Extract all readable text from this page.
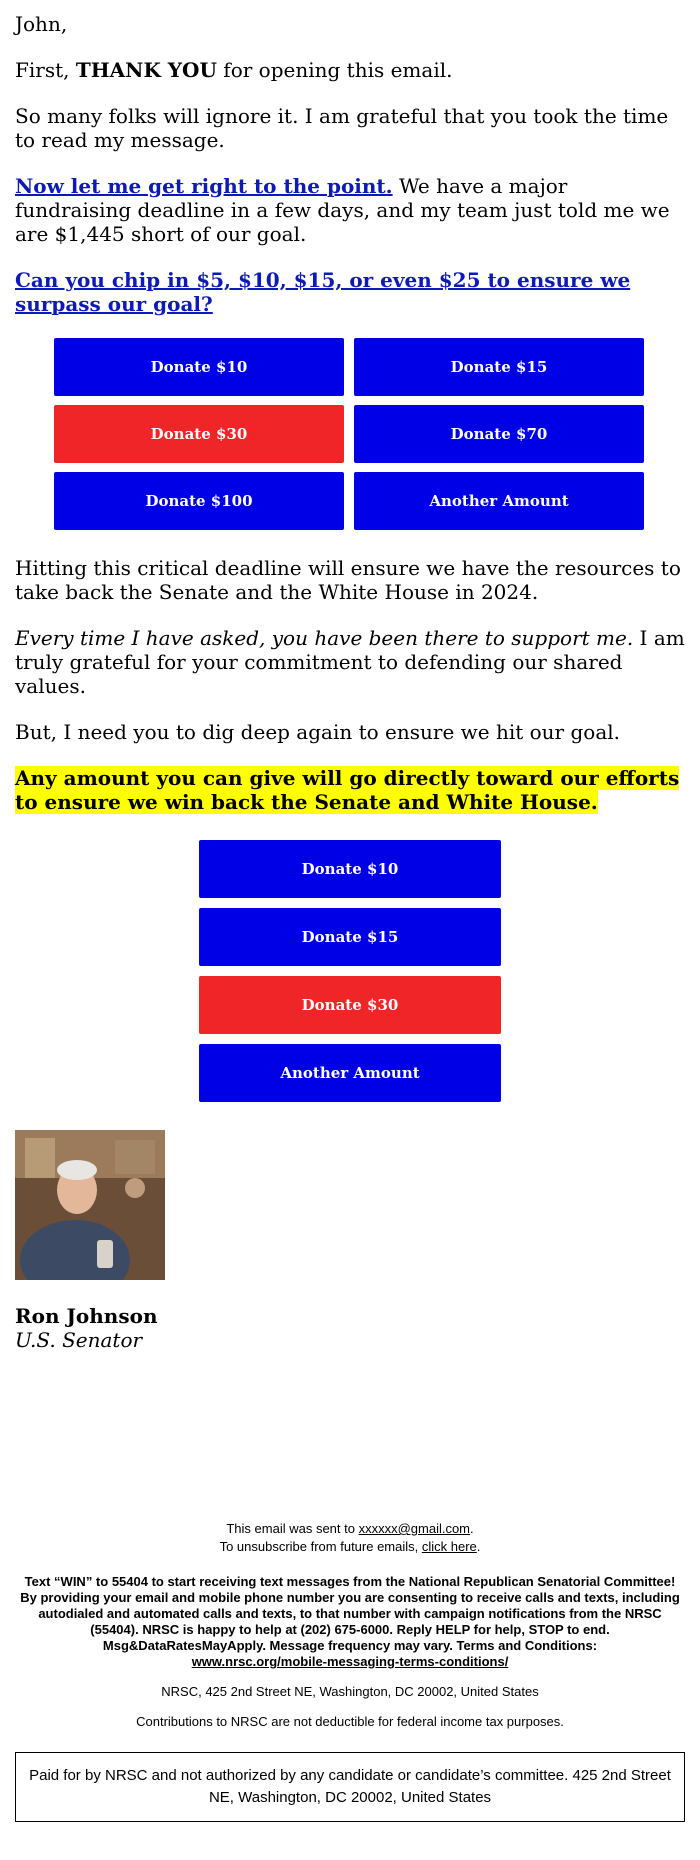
John,

First, THANK YOU for opening this email.

So many folks will ignore it. I am grateful that you took the time to read my message.

Now let me get right to the point. We have a major fundraising deadline in a few days, and my team just told me we are $1,445 short of our goal.

Can you chip in $5, $10, $15, or even $25 to ensure we surpass our goal?

Donate $10	Donate $15
Donate $30	Donate $70
Donate $100	Another Amount

Hitting this critical deadline will ensure we have the resources to take back the Senate and the White House in 2024.

Every time I have asked, you have been there to support me. I am truly grateful for your commitment to defending our shared values.

But, I need you to dig deep again to ensure we hit our goal.

Any amount you can give will go directly toward our efforts to ensure we win back the Senate and White House.

Donate $10
Donate $15
Donate $30
Another Amount
Ron Johnson
U.S. Senator
This email was sent to xxxxxx@gmail.com.
To unsubscribe from future emails, click here.
Text “WIN” to 55404 to start receiving text messages from the National Republican Senatorial Committee! By providing your email and mobile phone number you are consenting to receive calls and texts, including autodialed and automated calls and texts, to that number with campaign notifications from the NRSC (55404). NRSC is happy to help at (202) 675-6000. Reply HELP for help, STOP to end. Msg&DataRatesMayApply. Message frequency may vary. Terms and Conditions:
www.nrsc.org/mobile-messaging-terms-conditions/
NRSC, 425 2nd Street NE, Washington, DC 20002, United States
Contributions to NRSC are not deductible for federal income tax purposes.
Paid for by NRSC and not authorized by any candidate or candidate’s committee. 425 2nd Street NE, Washington, DC 20002, United States
